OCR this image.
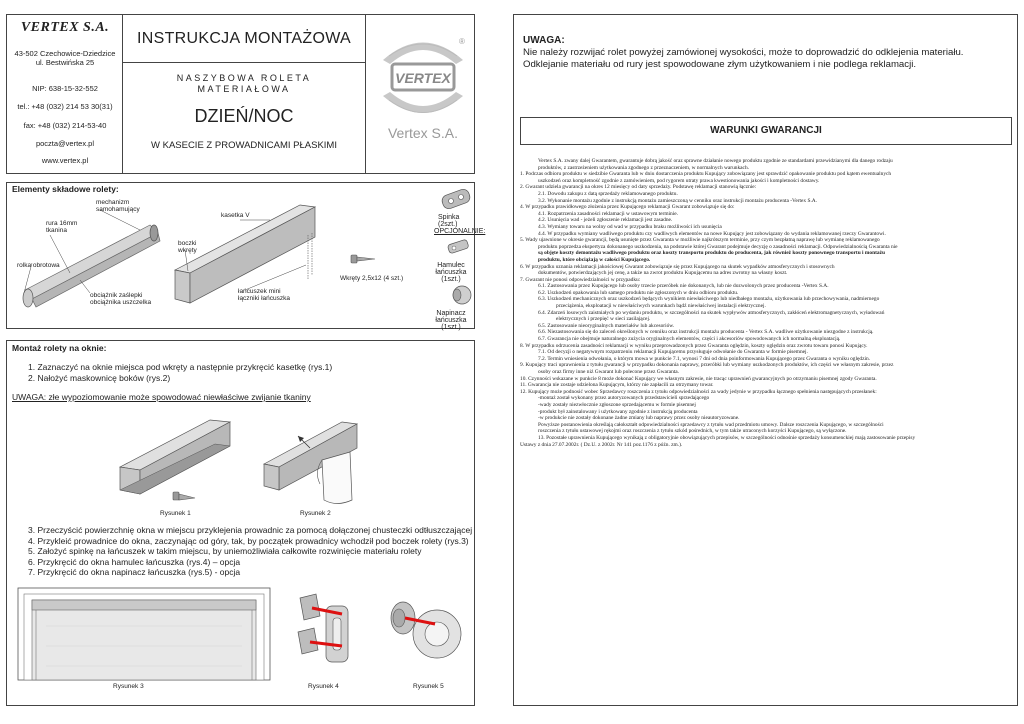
VERTEX S.A.
43-502 Czechowice-Dziedzice
ul. Bestwińska 25
NIP: 638-15-32-552
tel.: +48 (032) 214 53 30(31)
fax: +48 (032) 214-53-40
poczta@vertex.pl
www.vertex.pl
INSTRUKCJA MONTAŻOWA
NASZYBOWA ROLETA
MATERIAŁOWA
DZIEŃ/NOC
W KASECIE Z PROWADNICAMI PŁASKIMI
VERTEX
®
Vertex S.A.
Elementy składowe rolety:
mechanizm samohamujący
rura 16mm tkanina
rolka obrotowa
obciążnik zaślepki obciążnika uszczelka
kasetka V
boczki wkręty
łańcuszek mini łączniki łańcuszka
Wkręty 2,5x12 (4 szt.)
Spinka (2szt.)
OPCJONALNIE:
Hamulec łańcuszka (1szt.)
Napinacz łańcuszka (1szt.)
Montaż rolety na oknie:
1. Zaznaczyć na oknie miejsca pod wkręty a następnie przykręcić kasetkę (rys.1)
2. Nałożyć maskownicę boków (rys.2)
UWAGA: złe wypoziomowanie może spowodować niewłaściwe zwijanie tkaniny
Rysunek 1	Rysunek 2
3. Przeczyścić powierzchnię okna w miejscu przyklejenia prowadnic za pomocą dołączonej chusteczki odtłuszczającej
4. Przykleić prowadnice do okna, zaczynając od góry, tak, by początek prowadnicy wchodził pod boczek rolety (rys.3)
5. Założyć spinkę na łańcuszek w takim miejscu, by uniemożliwiała całkowite rozwinięcie materiału rolety
6. Przykręcić do okna hamulec łańcuszka (rys.4) – opcja
7. Przykręcić do okna napinacz łańcuszka (rys.5) - opcja
Rysunek 3	Rysunek 4	Rysunek 5
UWAGA:
Nie należy rozwijać rolet powyżej zamówionej wysokości, może to doprowadzić do odklejenia materiału. Odklejanie materiału od rury jest spowodowane złym użytkowaniem i nie podlega reklamacji.
WARUNKI GWARANCJI
Vertex S.A. zwany dalej Gwarantem, gwarantuje dobrą jakość oraz sprawne działanie nowego produktu zgodnie ze standardami przewidzianymi dla danego rodzaju
produktów, z zastrzeżeniem użytkowania zgodnego z przeznaczeniem, w normalnych warunkach.
1. Podczas odbioru produktu w siedzibie Gwaranta lub w dniu dostarczenia produktu Kupujący zobowiązany jest sprawdzić opakowanie produktu pod kątem ewentualnych
uszkodzeń oraz kompletność zgodnie z zamówieniem, pod rygorem utraty prawa kwestionowania jakości i kompletności dostawy.
2. Gwarant udziela gwarancji na okres 12 miesięcy od daty sprzedaży. Podstawę reklamacji stanowią łącznie:
2.1. Dowodu zakupu z datą sprzedaży reklamowanego produktu.
3.2. Wykonanie montażu zgodnie z instrukcją montażu zamieszczoną w cenniku oraz instrukcji montażu producenta -Vertex S.A.
4. W przypadku prawidłowego złożenia przez Kupującego reklamacji Gwarant zobowiązuje się do:
4.1. Rozpatrzenia zasadności reklamacji w ustawowym terminie.
4.2. Usunięcia wad - jeżeli zgłoszenie reklamacji jest zasadne.
4.3. Wymiany towaru na wolny od wad w przypadku braku możliwości ich usunięcia
4.4. W przypadku wymiany wadliwego produktu czy wadliwych elementów na nowe Kupujący jest zobowiązany do wydania reklamowanej rzeczy Gwarantowi.
5. Wady ujawnione w okresie gwarancji, będą usunięte przez Gwaranta w możliwie najkrótszym terminie, przy czym bezpłatną naprawę lub wymianę reklamowanego
produktu poprzedza ekspertyza dokonanego uszkodzenia, na podstawie której Gwarant podejmuje decyzję o zasadności reklamacji. Odpowiedzialnością Gwaranta nie
są objęte koszty demontażu wadliwego produktu oraz koszty transportu produktu do producenta, jak również koszty ponownego transportu i montażu
produktu, które obciążają w całości Kupującego.
6. W przypadku uznania reklamacji jakościowej Gwarant zobowiązuje się przez Kupującego na skutek wypadków atmosferycznych i stosownych
dokumentów, potwierdzających jej cenę, a także na zwrot produktu Kupującemu na adres zwrotny na własny koszt.
7. Gwarant nie ponosi odpowiedzialności w przypadku:
6.1. Zastosowania przez Kupującego lub osoby trzecie przeróbek nie dokonanych, lub nie dozwolonych przez producenta -Vertex S.A.
6.2. Uszkodzeń opakowania lub samego produktu nie zgłoszonych w dniu odbioru produktu.
6.3. Uszkodzeń mechanicznych oraz uszkodzeń będących wynikiem niewłaściwego lub niedbałego montażu, użytkowania lub przechowywania, nadmiernego
przeciążenia, eksploatacji w niewłaściwych warunkach bądź niewłaściwej instalacji elektrycznej.
6.4. Zdarzeń losowych zaistniałych po wydaniu produktu, w szczególności na skutek wypływów atmosferycznych, zakłóceń elektromagnetycznych, wyładowań
elektrycznych i przepięć w sieci zasilającej.
6.5. Zastosowanie nieoryginalnych materiałów lub akcesoriów.
6.6. Niezastosowania się do zaleceń określonych w cenniku oraz instrukcji montażu producenta - Vertex S.A. wadliwe użytkowanie niezgodne z instrukcją.
6.7. Gwarancja nie obejmuje naturalnego zużycia oryginalnych elementów, części i akcesoriów spowodowanych ich normalną eksploatacją.
8. W przypadku odrzucenia zasadności reklamacji w wyniku przeprowadzonych przez Gwaranta oględzin, koszty oględzin oraz zwrotu towaru ponosi Kupujący.
7.1. Od decyzji o negatywnym rozpatrzeniu reklamacji Kupującemu przysługuje odwołanie do Gwaranta w formie pisemnej.
7.2. Termin wniesienia odwołania, o którym mowa w punkcie 7.1, wynosi 7 dni od dnia poinformowania Kupującego przez Gwaranta o wyniku oględzin.
9. Kupujący traci uprawnienia z tytułu gwarancji w przypadku dokonania naprawy, przeróbki lub wymiany uszkodzonych produktów, ich części we własnym zakresie, przez
osoby oraz firmy inne niż Gwarant lub polecone przez Gwaranta.
10. Czynności wskazane w punkcie 8 może dokonać Kupujący we własnym zakresie, nie tracąc uprawnień gwarancyjnych po otrzymaniu pisemnej zgody Gwaranta.
11. Gwarancja nie zostaje udzielona Kupującym, którzy nie zapłacili za otrzymany towar.
12. Kupujący może podnosić wobec Sprzedawcy roszczenia z tytułu odpowiedzialności za wady jedynie w przypadku łącznego spełnienia następujących przesłanek:
-montaż został wykonany przez autoryzowanych przedstawicieli sprzedającego
-wady zostały niezwłocznie zgłoszone sprzedającemu w formie pisemnej
-produkt był zainstalowany i użytkowany zgodnie z instrukcją producenta
-w produkcie nie zostały dokonane żadne zmiany lub naprawy przez osoby nieautoryzowane.
Powyższe postanowienia określają całokształt odpowiedzialności sprzedawcy z tytułu wad przedmiotu umowy. Dalsze roszczenia Kupującego, w szczególności
roszczenia z tytułu ustawowej rękojmi oraz roszczenia z tytułu szkód pośrednich, w tym także utraconych korzyści Kupującego, są wyłączone.
13. Pozostałe uprawnienia Kupującego wynikają z obligatoryjnie obowiązujących przepisów, w szczególności odnośnie sprzedaży konsumenckiej mają zastosowanie przepisy
Ustawy z dnia 27.07.2002r. ( Dz.U. z 2002r. Nr 141 poz.1176 z późn. zm.).
